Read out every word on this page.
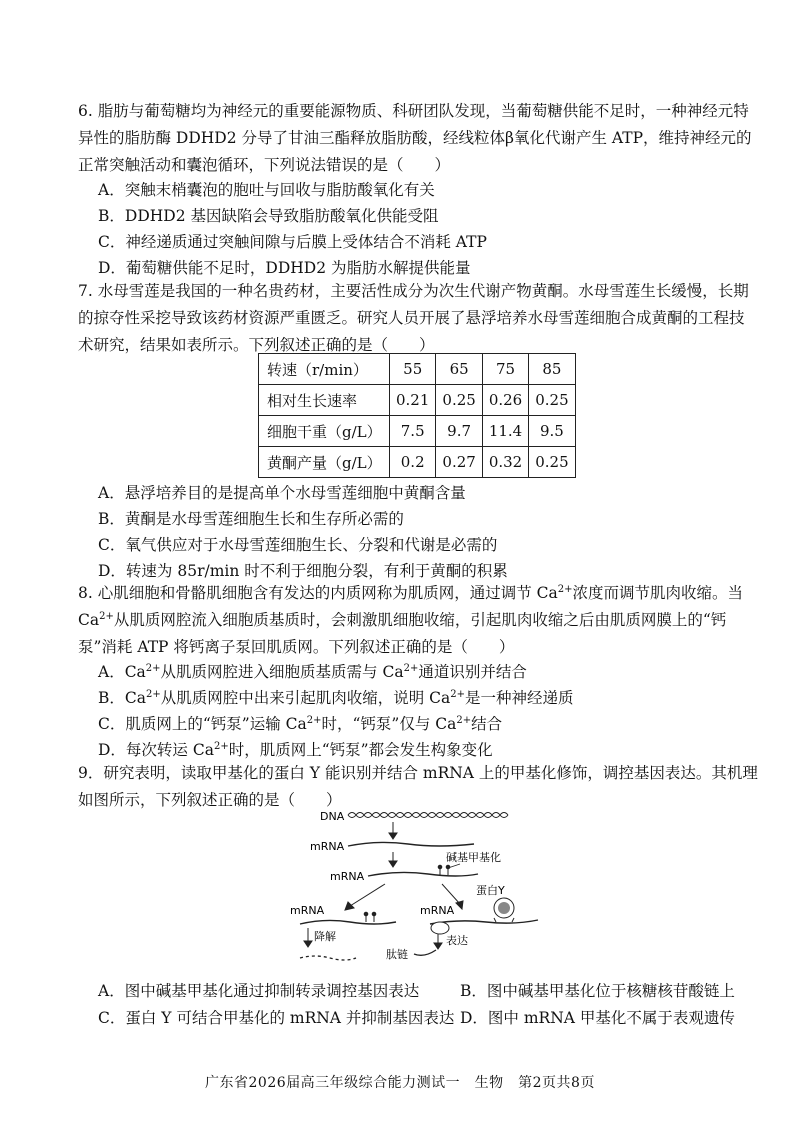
6. 脂肪与葡萄糖均为神经元的重要能源物质、科研团队发现，当葡萄糖供能不足时，一种神经元特异性的脂肪酶 DDHD2 分导了甘油三酯释放脂肪酸，经线粒体β氧化代谢产生 ATP，维持神经元的正常突触活动和囊泡循环，下列说法错误的是（　　）

A．突触末梢囊泡的胞吐与回收与脂肪酸氧化有关
B．DDHD2 基因缺陷会导致脂肪酸氧化供能受阻
C．神经递质通过突触间隙与后膜上受体结合不消耗 ATP
D．葡萄糖供能不足时，DDHD2 为脂肪水解提供能量

7. 水母雪莲是我国的一种名贵药材，主要活性成分为次生代谢产物黄酮。水母雪莲生长缓慢，长期的掠夺性采挖导致该药材资源严重匮乏。研究人员开展了悬浮培养水母雪莲细胞合成黄酮的工程技术研究，结果如表所示。下列叙述正确的是（　　）

转速（r/min）	55	65	75	85
相对生长速率	0.21	0.25	0.26	0.25
细胞干重（g/L）	7.5	9.7	11.4	9.5
黄酮产量（g/L）	0.2	0.27	0.32	0.25
A．悬浮培养目的是提高单个水母雪莲细胞中黄酮含量
B．黄酮是水母雪莲细胞生长和生存所必需的
C．氧气供应对于水母雪莲细胞生长、分裂和代谢是必需的
D．转速为 85r/min 时不利于细胞分裂，有利于黄酮的积累

8. 心肌细胞和骨骼肌细胞含有发达的内质网称为肌质网，通过调节 $Ca^{2+}$浓度而调节肌肉收缩。当$Ca^{2+}$从肌质网腔流入细胞质基质时，会刺激肌细胞收缩，引起肌肉收缩之后由肌质网膜上的“钙泵”消耗 ATP 将钙离子泵回肌质网。下列叙述正确的是（　　）

A．$Ca^{2+}$从肌质网腔进入细胞质基质需与 $Ca^{2+}$通道识别并结合
B．$Ca^{2+}$从肌质网腔中出来引起肌肉收缩，说明 $Ca^{2+}$是一种神经递质
C．肌质网上的“钙泵”运输 $Ca^{2+}$时，“钙泵”仅与 $Ca^{2+}$结合
D．每次转运 $Ca^{2+}$时，肌质网上“钙泵”都会发生构象变化

9．研究表明，读取甲基化的蛋白 Y 能识别并结合 mRNA 上的甲基化修饰，调控基因表达。其机理如图所示，下列叙述正确的是（　　）

DNA
mRNA
碱基甲基化
mRNA
蛋白Y
mRNA
降解
mRNA
表达
肽链
A．图中碱基甲基化通过抑制转录调控基因表达	B．图中碱基甲基化位于核糖核苷酸链上
C．蛋白 Y 可结合甲基化的 mRNA 并抑制基因表达 D．图中 mRNA 甲基化不属于表观遗传
广东省2026届高三年级综合能力测试一　生物　第2页共8页
